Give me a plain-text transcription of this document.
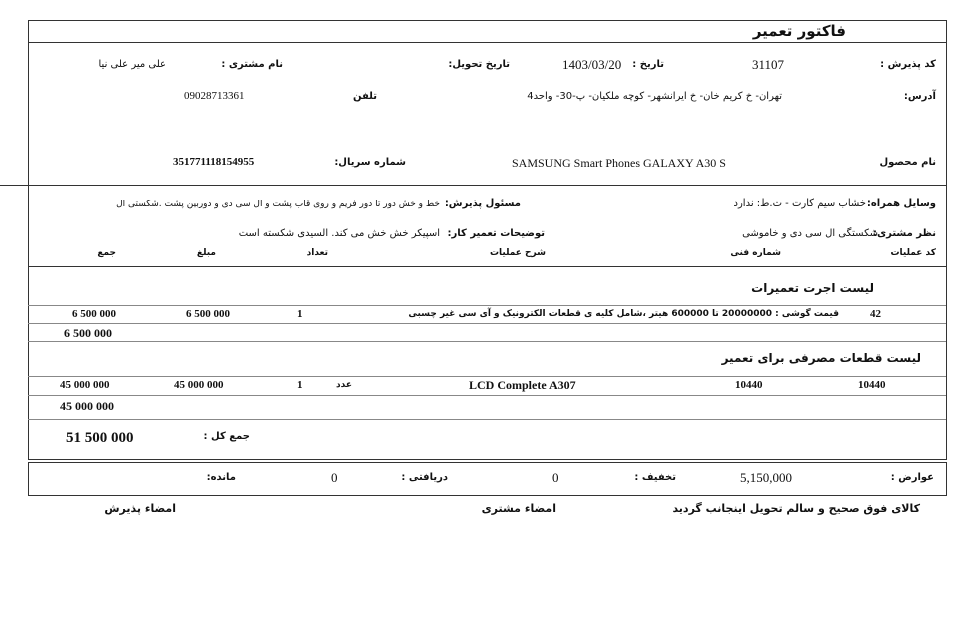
فاکتور تعمیر
کد پذیرش :
31107
تاریخ :
1403/03/20
تاریخ تحویل:
نام مشتری :
علی میر علی نیا
آدرس:
تهران- خ کریم خان- خ ایرانشهر- کوچه ملکیان- پ-30- واحد4
تلفن
09028713361
نام محصول
SAMSUNG Smart Phones GALAXY A30 S
شماره سریال:
351771118154955
وسایل همراه:
خشاب سیم کارت - ت.ط: ندارد
مسئول پذیرش:
خط و خش دور تا دور فریم و روی قاب پشت و ال سی دی و دوربین پشت .شکستی ال
نظر مشتری:
شکستگی ال سی دی و خاموشی
توضیحات تعمیر کار:
اسپیکر خش خش می کند. السیدی شکسته است
کد عملیات
شماره فنی
شرح عملیات
تعداد
مبلغ
جمع
لیست اجرت تعمیرات
42
قیمت گوشی : 20000000 تا 600000 هیتر ،شامل کلیه ی قطعات الکترونیک و آی سی غیر چسبی
1
6 500 000
6 500 000
6 500 000
لیست قطعات مصرفی برای تعمیر
10440
10440
LCD Complete A307
عدد
1
45 000 000
45 000 000
45 000 000
جمع کل :
51 500 000
عوارض :
5,150,000
تخفیف :
0
دریافتی :
0
مانده:
کالای فوق صحیح و سالم تحویل اینجانب گردید
امضاء مشتری
امضاء پذیرش
